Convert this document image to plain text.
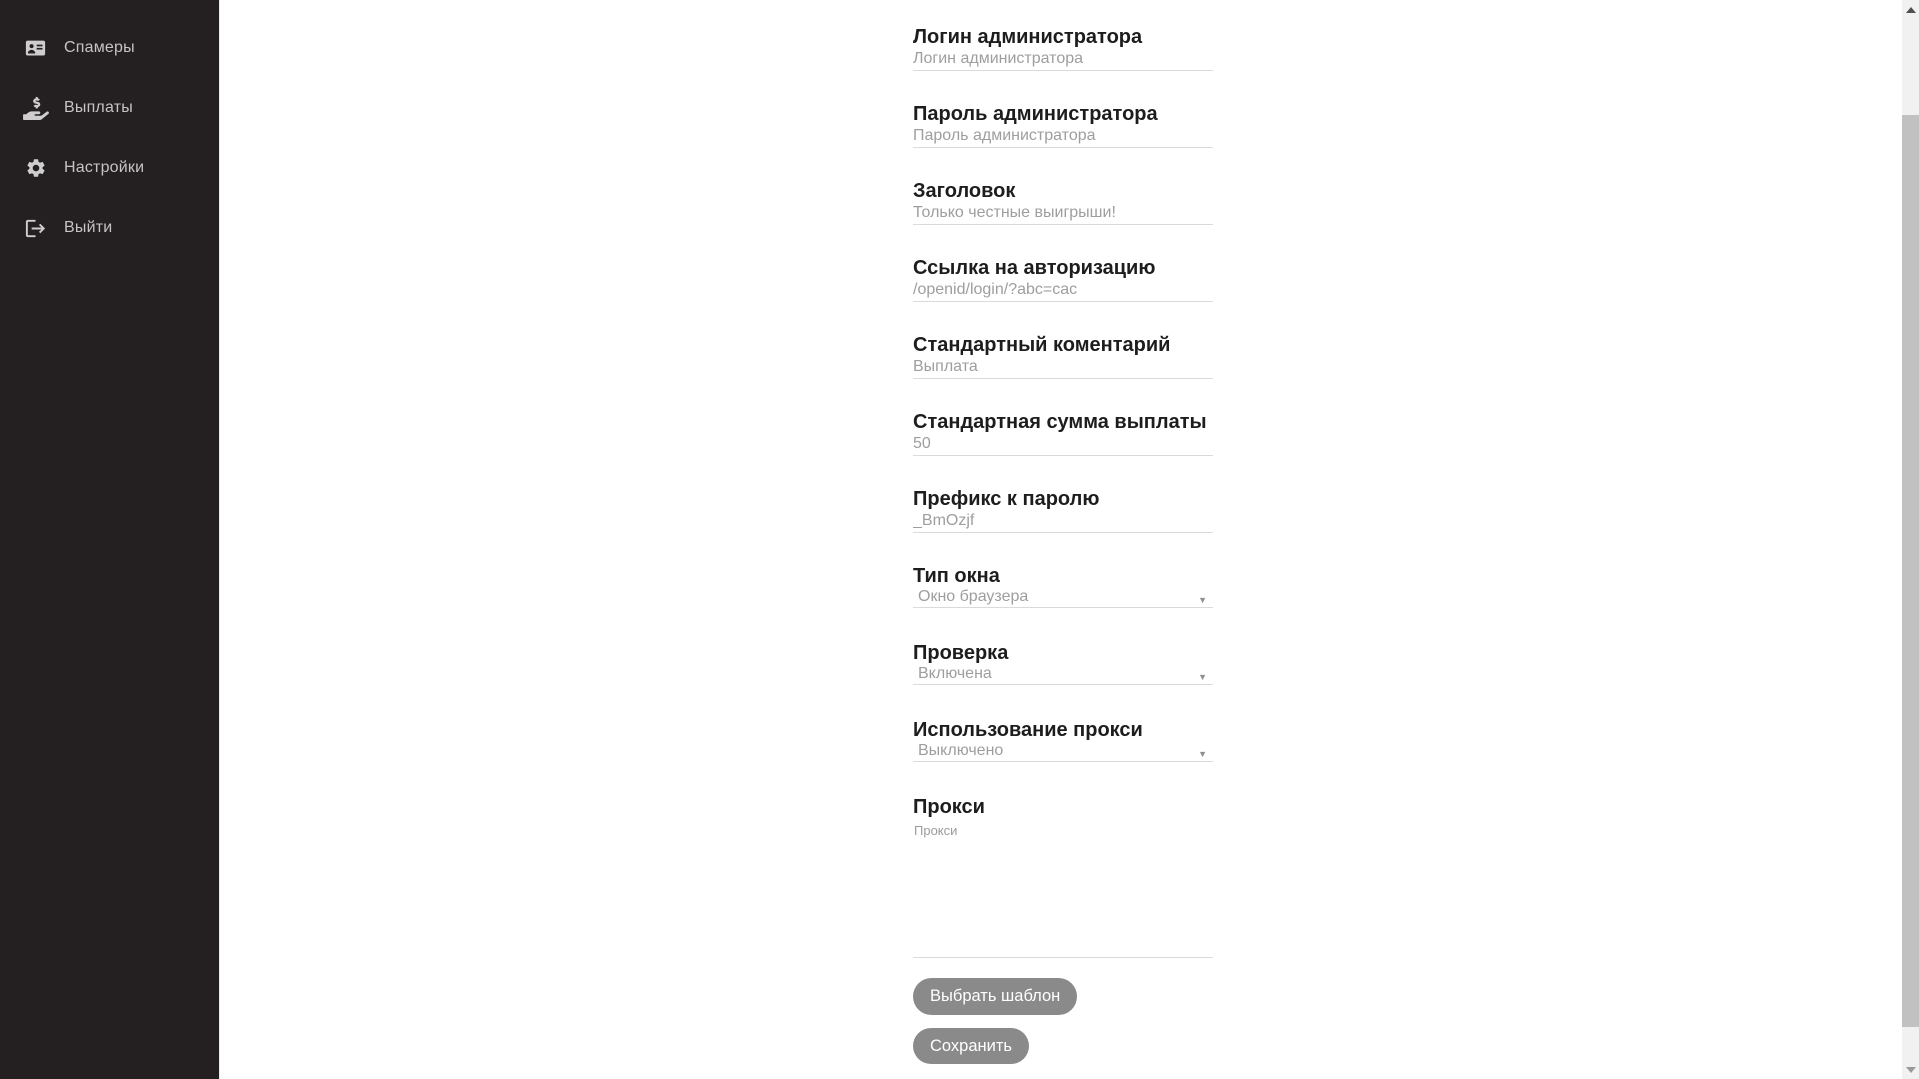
Спамеры
Выплаты
Настройки
Выйти
Логин администратора
Логин администратора
Пароль администратора
Пароль администратора
Заголовок
Только честные выигрыши!
Ссылка на авторизацию
/openid/login/?abc=cac
Стандартный коментарий
Выплата
Стандартная сумма выплаты
50
Префикс к паролю
_BmOzjf
Тип окна
Окно браузера	▼
Проверка
Включена	▼
Использование прокси
Выключено	▼
Прокси
Прокси
Выбрать шаблон
Сохранить
